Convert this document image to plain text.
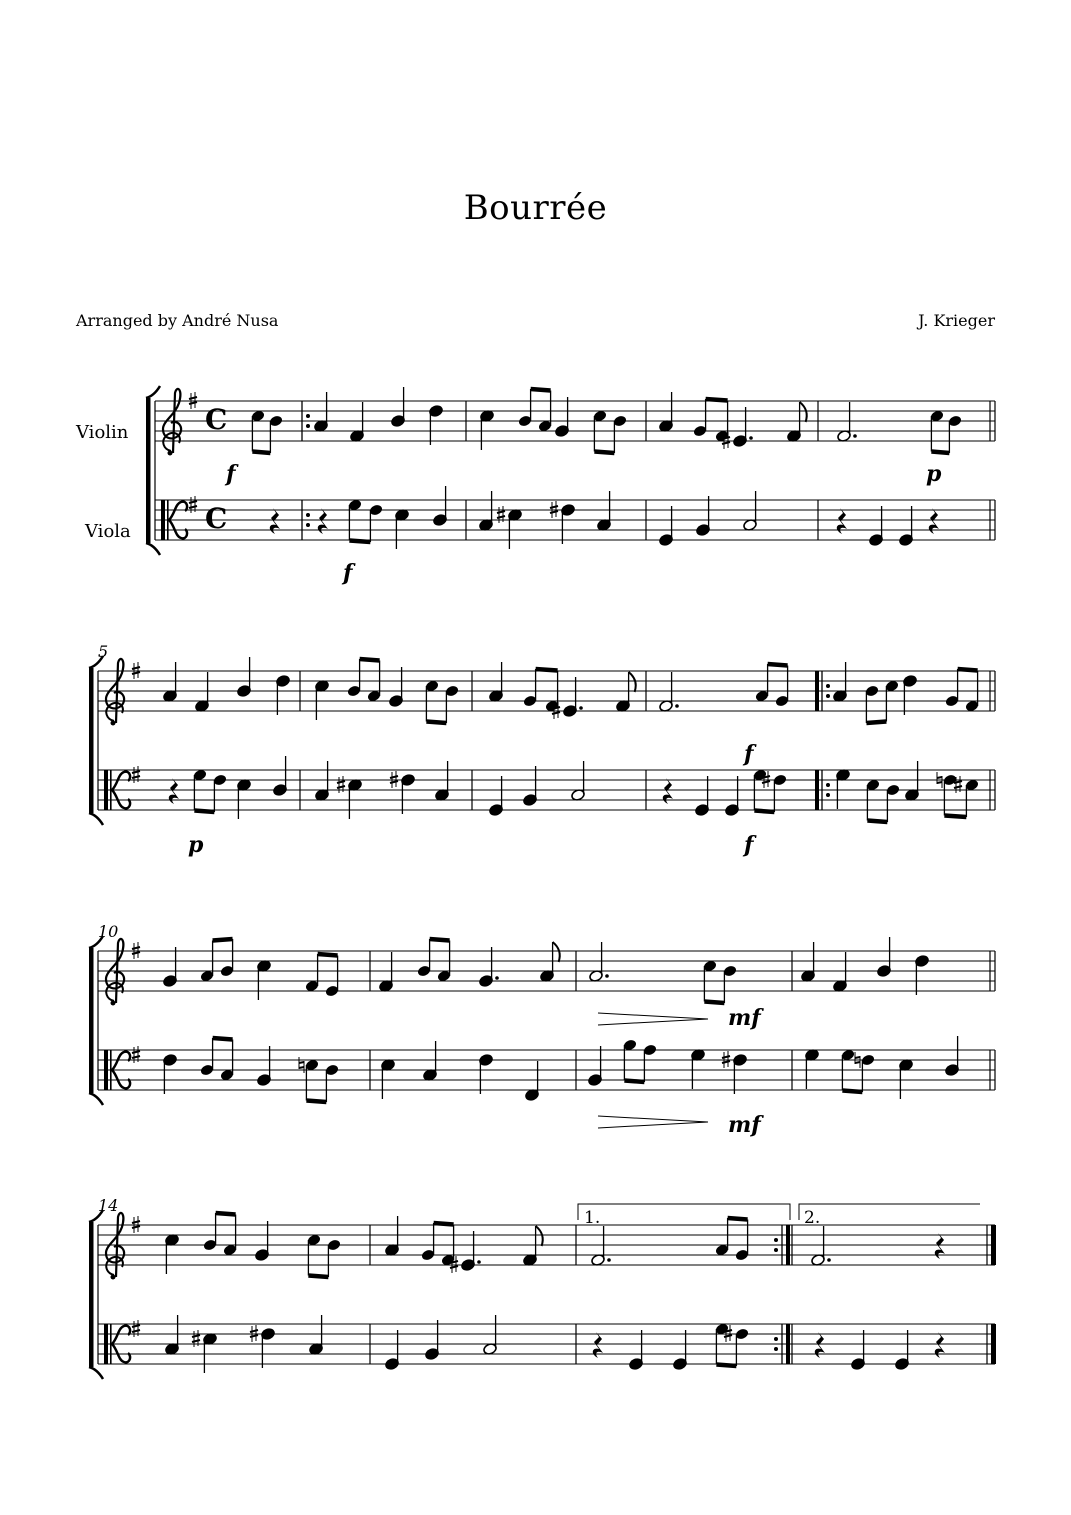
Bourrée
Arranged by André Nusa	J. Krieger
C
C
Violin
Viola
f	p
f
5
f
p	f
10
mf
mf
14
1.	2.
